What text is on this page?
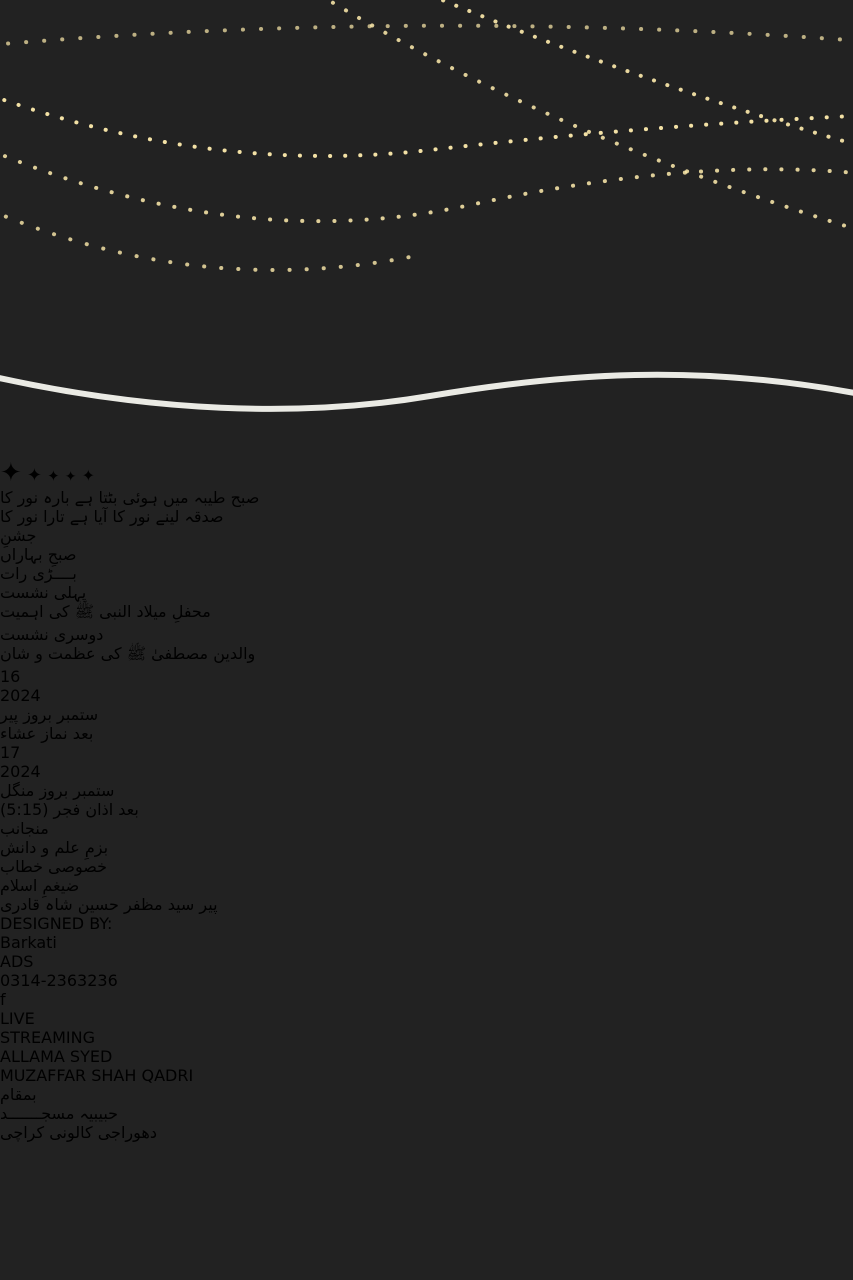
✦ ✦ ✦ ✦ ✦
صبح طیبہ میں ہوئی بٹتا ہے بارہ نور کا
صدقہ لینے نور کا آیا ہے تارا نور کا
جشنِ
صبحِ بہاراں
بــــڑی رات
پہلی نشست
محفلِ میلاد النبی ﷺ کی اہمیت
دوسری نشست
والدین مصطفیٰ ﷺ کی عظمت و شان
16
2024
ستمبر بروز پیر
بعد نماز عشاء
17
2024
ستمبر بروز منگل
بعد اذان فجر (5:15)
منجانب
بزمِ علم و دانش
خصوصی خطاب
ضیغمِ اسلام
پیر سید مظفر حسین شاہ قادری
DESIGNED BY:
Barkati
ADS
0314-2363236
f
LIVE
STREAMING
ALLAMA SYED
MUZAFFAR SHAH QADRI
بمقام
حبیبیہ مسجـــــــد
دھوراجی کالونی کراچی
